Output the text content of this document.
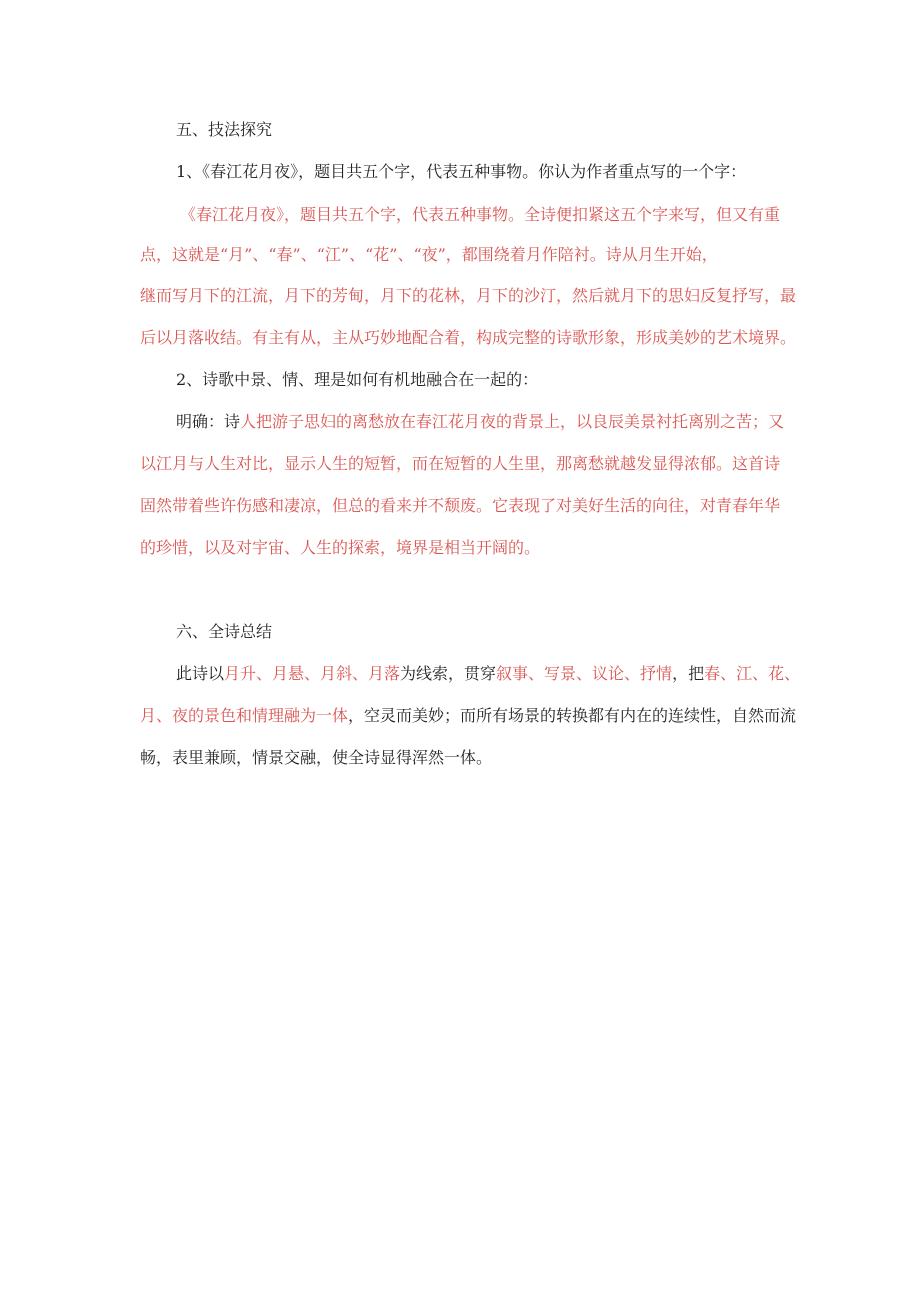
五、技法探究
1、《春江花月夜》，题目共五个字，代表五种事物。你认为作者重点写的一个字：
《春江花月夜》，题目共五个字，代表五种事物。全诗便扣紧这五个字来写，但又有重
点，这就是“月”、“春”、“江”、“花”、“夜”，都围绕着月作陪衬。诗从月生开始，
继而写月下的江流，月下的芳甸，月下的花林，月下的沙汀，然后就月下的思妇反复抒写，最
后以月落收结。有主有从，主从巧妙地配合着，构成完整的诗歌形象，形成美妙的艺术境界。
2、诗歌中景、情、理是如何有机地融合在一起的：
明确：诗人把游子思妇的离愁放在春江花月夜的背景上，以良辰美景衬托离别之苦；又
以江月与人生对比，显示人生的短暂，而在短暂的人生里，那离愁就越发显得浓郁。这首诗
固然带着些许伤感和凄凉，但总的看来并不颓废。它表现了对美好生活的向往，对青春年华
的珍惜，以及对宇宙、人生的探索，境界是相当开阔的。
六、全诗总结
此诗以月升、月悬、月斜、月落为线索，贯穿叙事、写景、议论、抒情，把春、江、花、
月、夜的景色和情理融为一体，空灵而美妙；而所有场景的转换都有内在的连续性，自然而流
畅，表里兼顾，情景交融，使全诗显得浑然一体。
